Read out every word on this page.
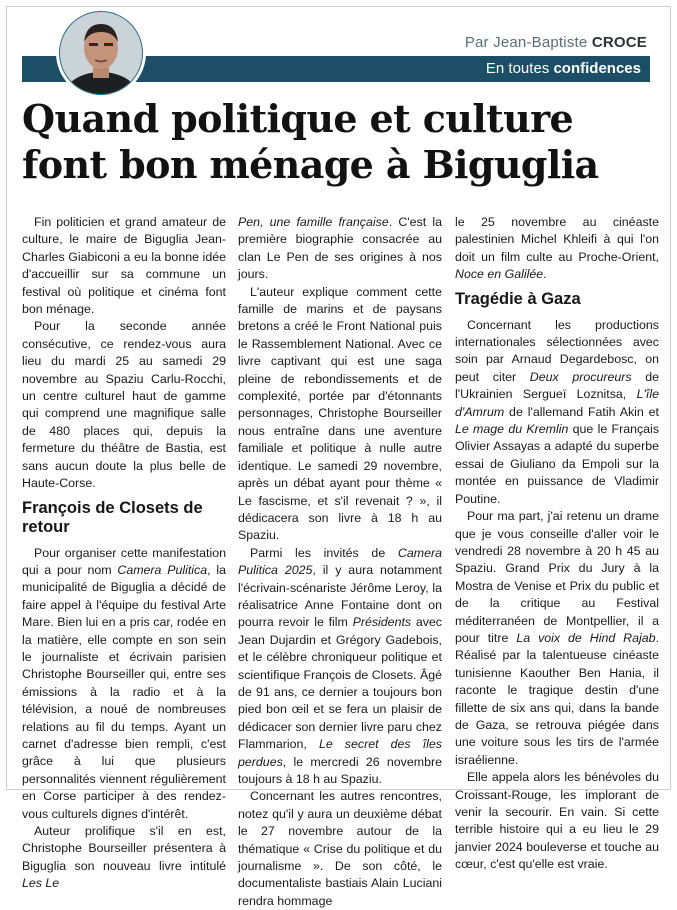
Par Jean-Baptiste CROCE
En toutes confidences
Quand politique et culture
font bon ménage à Biguglia

Fin politicien et grand amateur de culture, le maire de Biguglia Jean-Charles Giabiconi a eu la bonne idée d'accueillir sur sa commune un festival où politique et cinéma font bon ménage.

Pour la seconde année consécutive, ce rendez-vous aura lieu du mardi 25 au samedi 29 novembre au Spaziu Carlu-Rocchi, un centre culturel haut de gamme qui comprend une magnifique salle de 480 places qui, depuis la fermeture du théâtre de Bastia, est sans aucun doute la plus belle de Haute-Corse.

François de Closets de retour

Pour organiser cette manifestation qui a pour nom Camera Pulitica, la municipalité de Biguglia a décidé de faire appel à l'équipe du festival Arte Mare. Bien lui en a pris car, rodée en la matière, elle compte en son sein le journaliste et écrivain parisien Christophe Bourseiller qui, entre ses émissions à la radio et à la télévision, a noué de nombreuses relations au fil du temps. Ayant un carnet d'adresse bien rempli, c'est grâce à lui que plusieurs personnalités viennent régulièrement en Corse participer à des rendez-vous culturels dignes d'intérêt.

Auteur prolifique s'il en est, Christophe Bourseiller présentera à Biguglia son nouveau livre intitulé Les Le

Pen, une famille française. C'est la première biographie consacrée au clan Le Pen de ses origines à nos jours.

L'auteur explique comment cette famille de marins et de paysans bretons a créé le Front National puis le Rassemblement National. Avec ce livre captivant qui est une saga pleine de rebondissements et de complexité, portée par d'étonnants personnages, Christophe Bourseiller nous entraîne dans une aventure familiale et politique à nulle autre identique. Le samedi 29 novembre, après un débat ayant pour thème « Le fascisme, et s'il revenait ? », il dédicacera son livre à 18 h au Spaziu.

Parmi les invités de Camera Pulitica 2025, il y aura notamment l'écrivain-scénariste Jérôme Leroy, la réalisatrice Anne Fontaine dont on pourra revoir le film Présidents avec Jean Dujardin et Grégory Gadebois, et le célèbre chroniqueur politique et scientifique François de Closets. Âgé de 91 ans, ce dernier a toujours bon pied bon œil et se fera un plaisir de dédicacer son dernier livre paru chez Flammarion, Le secret des îles perdues, le mercredi 26 novembre toujours à 18 h au Spaziu.

Concernant les autres rencontres, notez qu'il y aura un deuxième débat le 27 novembre autour de la thématique « Crise du politique et du journalisme ». De son côté, le documentaliste bastiais Alain Luciani rendra hommage

le 25 novembre au cinéaste palestinien Michel Khleifi à qui l'on doit un film culte au Proche-Orient, Noce en Galilée.

Tragédie à Gaza

Concernant les productions internationales sélectionnées avec soin par Arnaud Degardebosc, on peut citer Deux procureurs de l'Ukrainien Sergueï Loznitsa, L'île d'Amrum de l'allemand Fatih Akin et Le mage du Kremlin que le Français Olivier Assayas a adapté du superbe essai de Giuliano da Empoli sur la montée en puissance de Vladimir Poutine.

Pour ma part, j'ai retenu un drame que je vous conseille d'aller voir le vendredi 28 novembre à 20 h 45 au Spaziu. Grand Prix du Jury à la Mostra de Venise et Prix du public et de la critique au Festival méditerranéen de Montpellier, il a pour titre La voix de Hind Rajab. Réalisé par la talentueuse cinéaste tunisienne Kaouther Ben Hania, il raconte le tragique destin d'une fillette de six ans qui, dans la bande de Gaza, se retrouva piégée dans une voiture sous les tirs de l'armée israélienne.

Elle appela alors les bénévoles du Croissant-Rouge, les implorant de venir la secourir. En vain. Si cette terrible histoire qui a eu lieu le 29 janvier 2024 bouleverse et touche au cœur, c'est qu'elle est vraie.
